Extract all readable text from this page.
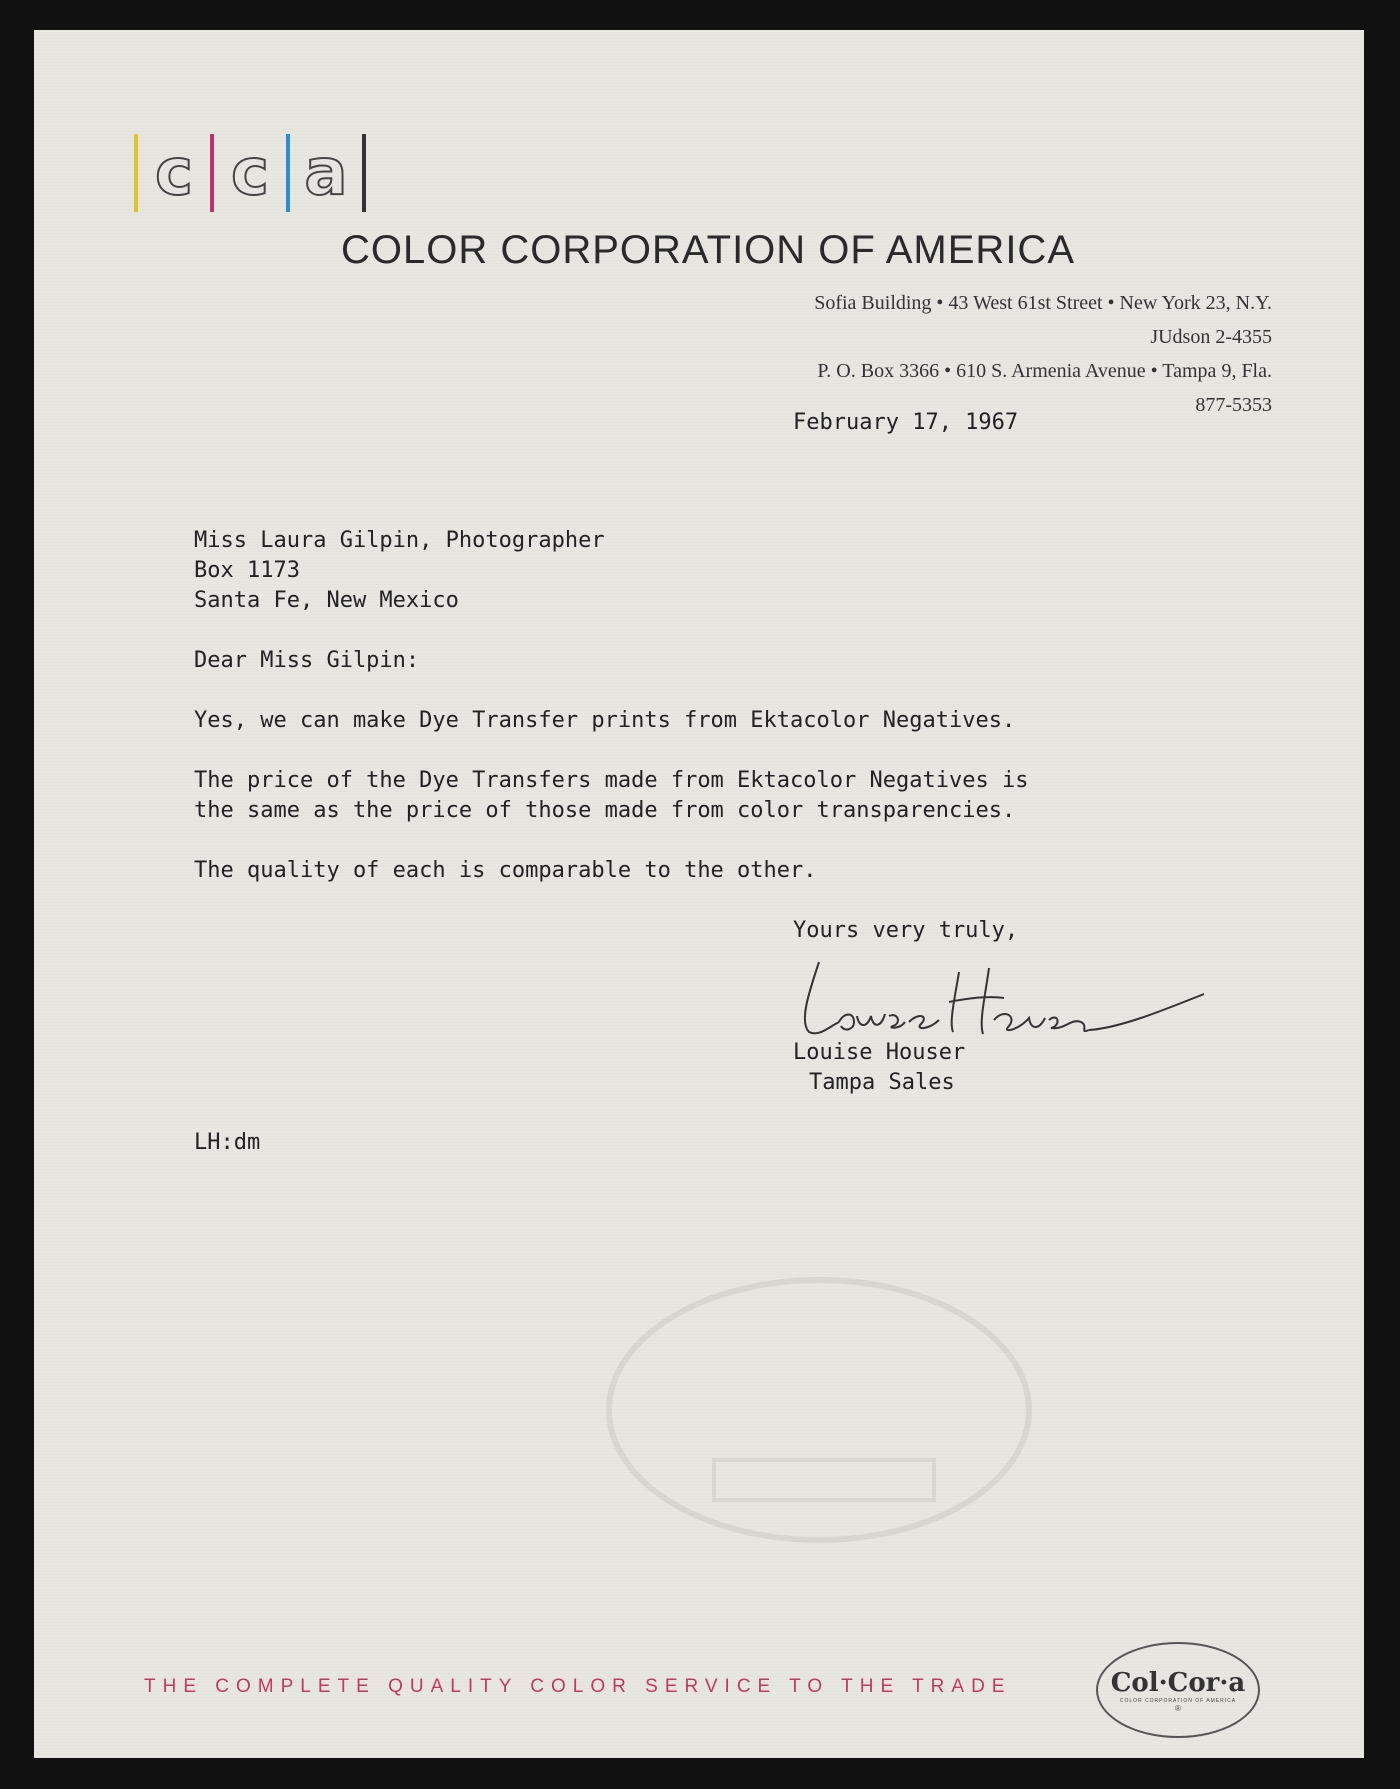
c c a
COLOR CORPORATION OF AMERICA
Sofia Building • 43 West 61st Street • New York 23, N.Y.
JUdson 2-4355
P. O. Box 3366 • 610 S. Armenia Avenue • Tampa 9, Fla.
877-5353
February 17, 1967
Miss Laura Gilpin, Photographer
Box 1173
Santa Fe, New Mexico
Dear Miss Gilpin:
Yes, we can make Dye Transfer prints from Ektacolor Negatives.
The price of the Dye Transfers made from Ektacolor Negatives is
the same as the price of those made from color transparencies.
The quality of each is comparable to the other.
Yours very truly,
Louise Houser
Tampa Sales
LH:dm
THE COMPLETE QUALITY COLOR SERVICE TO THE TRADE	Col·Cor·a
COLOR CORPORATION OF AMERICA
®
